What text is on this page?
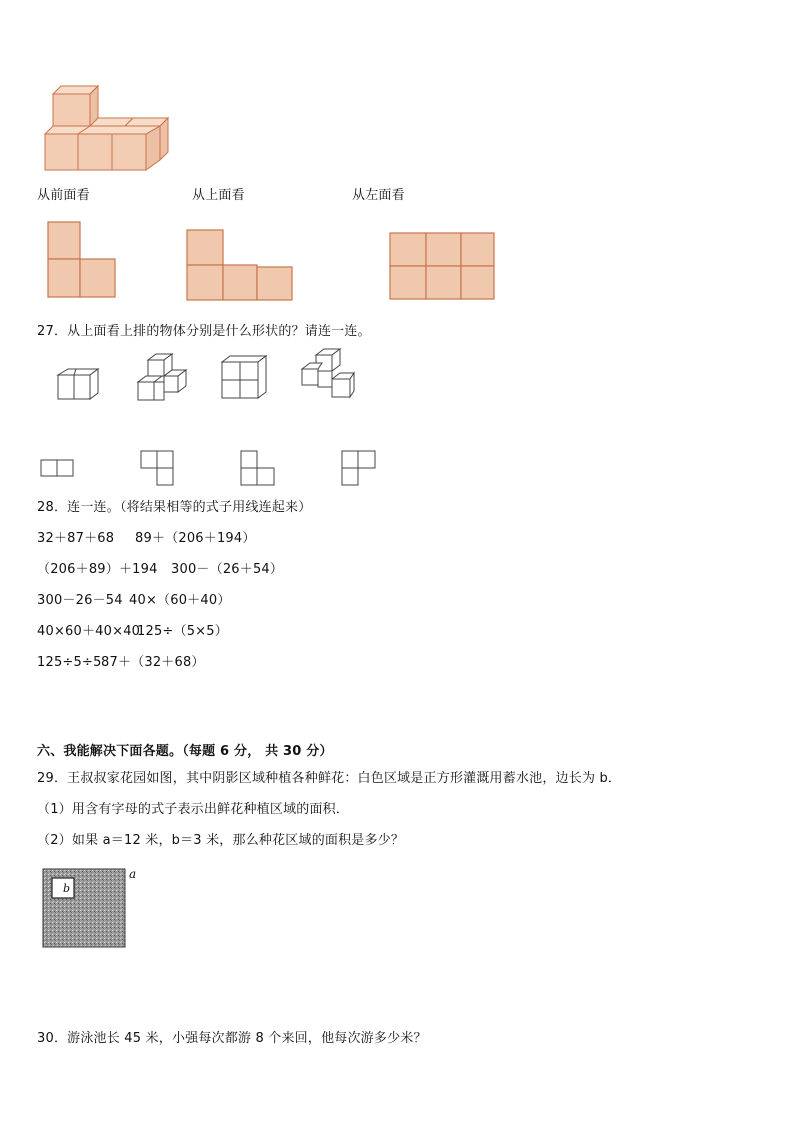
从前面看	从上面看	从左面看
27．从上面看上排的物体分别是什么形状的？请连一连。
28．连一连。（将结果相等的式子用线连起来）
32＋87＋68 89＋（206＋194）
（206＋89）＋194 300－（26＋54）
300－26－54 40×（60＋40）
40×60＋40×40
125÷（5×5）
125÷5÷5 87＋（32＋68）
六、我能解决下面各题。（每题 6 分， 共 30 分）
29．王叔叔家花园如图，其中阴影区域种植各种鲜花：白色区域是正方形灌溉用蓄水池，边长为 b．
（1）用含有字母的式子表示出鲜花种植区域的面积．
（2）如果 a＝12 米，b＝3 米，那么种花区域的面积是多少？
b
a
30．游泳池长 45 米，小强每次都游 8 个来回，他每次游多少米？
